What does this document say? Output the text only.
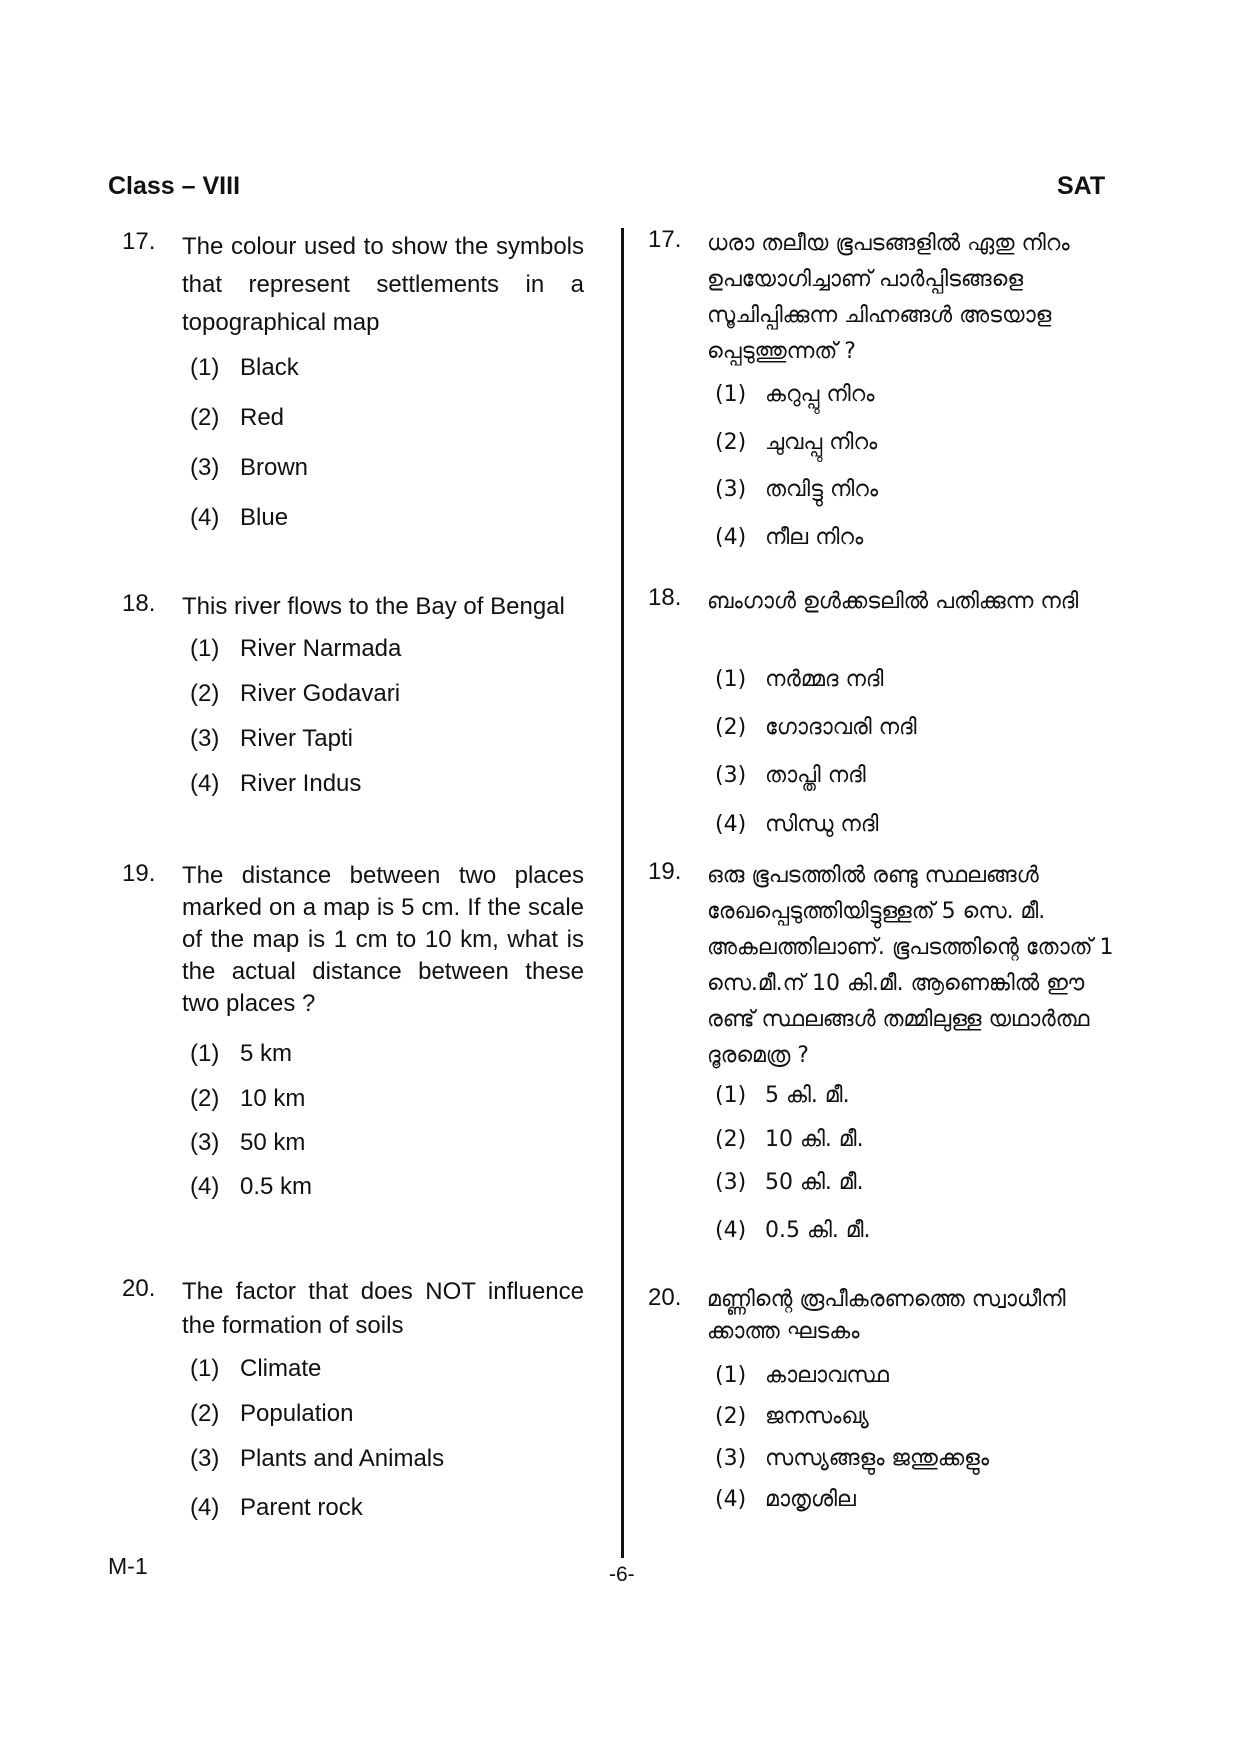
Class – VIII	SAT
17. The colour used to show the symbols that represent settlements in a topographical map
(1) Black
(2) Red
(3) Brown
(4) Blue
18. This river flows to the Bay of Bengal
(1) River Narmada
(2) River Godavari
(3) River Tapti
(4) River Indus
19. The distance between two places marked on a map is 5 cm. If the scale of the map is 1 cm to 10 km, what is the actual distance between these two places ?
(1) 5 km
(2) 10 km
(3) 50 km
(4) 0.5 km
20. The factor that does NOT influence the formation of soils
(1) Climate
(2) Population
(3) Plants and Animals
(4) Parent rock
17. ധരാ തലീയ ഭൂപടങ്ങളിൽ ഏതു നിറം ഉപയോഗിച്ചാണ് പാർപ്പിടങ്ങളെ സൂചിപ്പിക്കുന്ന ചിഹ്നങ്ങൾ അടയാള പ്പെടുത്തുന്നത് ?
(1) കറുപ്പു നിറം
(2) ചുവപ്പു നിറം
(3) തവിട്ടു നിറം
(4) നീല നിറം
18. ബംഗാൾ ഉൾക്കടലിൽ പതിക്കുന്ന നദി
(1) നർമ്മദ നദി
(2) ഗോദാവരി നദി
(3) താപ്തി നദി
(4) സിന്ധു നദി
19. ഒരു ഭൂപടത്തിൽ രണ്ടു സ്ഥലങ്ങൾ രേഖപ്പെടുത്തിയിട്ടുള്ളത് 5 സെ. മീ. അകലത്തിലാണ്. ഭൂപടത്തിന്റെ തോത് 1 സെ.മീ.ന് 10 കി.മീ. ആണെങ്കിൽ ഈ രണ്ട് സ്ഥലങ്ങൾ തമ്മിലുള്ള യഥാർത്ഥ ദൂരമെത്ര ?
(1) 5 കി. മീ.
(2) 10 കി. മീ.
(3) 50 കി. മീ.
(4) 0.5 കി. മീ.
20. മണ്ണിന്റെ രൂപീകരണത്തെ സ്വാധീനി ക്കാത്ത ഘടകം
(1) കാലാവസ്ഥ
(2) ജനസംഖ്യ
(3) സസ്യങ്ങളും ജന്തുക്കളും
(4) മാതൃശില
M-1	-6-
